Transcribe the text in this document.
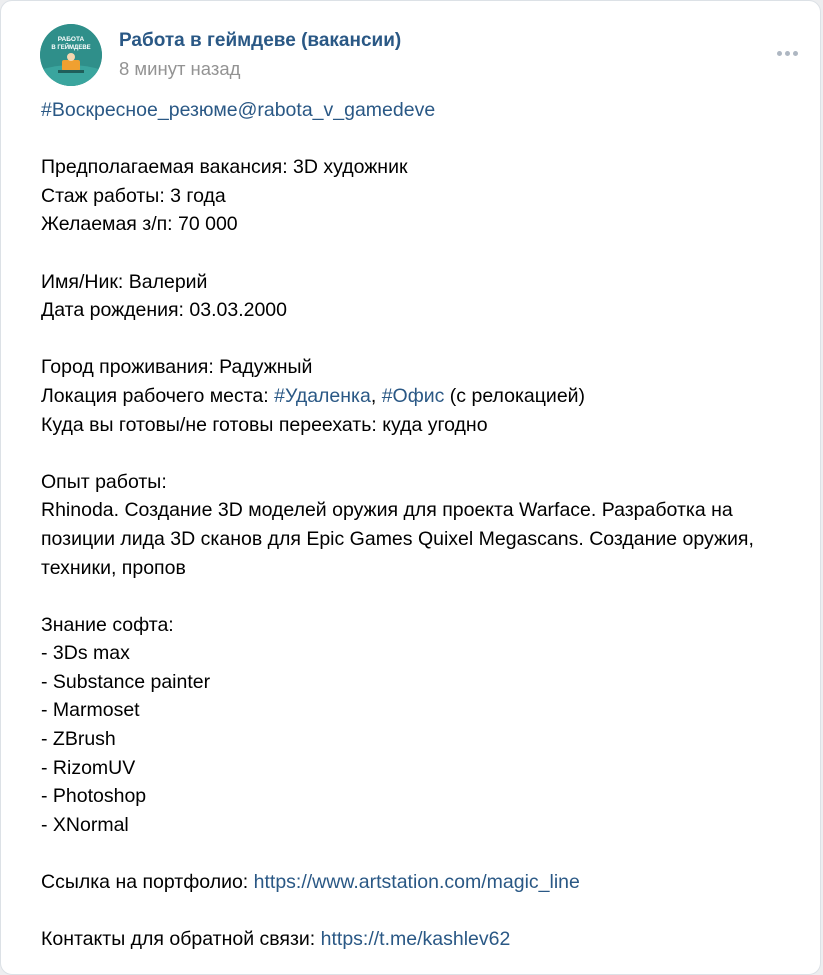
РАБОТА
В ГЕЙМДЕВЕ Работа в геймдеве (вакансии)
8 минут назад
#Воскресное_резюме@rabota_v_gamedeve
Предполагаемая вакансия: 3D художник
Стаж работы: 3 года
Желаемая з/п: 70 000
Имя/Ник: Валерий
Дата рождения: 03.03.2000
Город проживания: Радужный
Локация рабочего места: #Удаленка, #Офис (с релокацией)
Куда вы готовы/не готовы переехать: куда угодно
Опыт работы:
Rhinoda. Создание 3D моделей оружия для проекта Warface. Разработка на позиции лида 3D сканов для Epic Games Quixel Megascans. Создание оружия, техники, пропов
Знание софта:
- 3Ds max
- Substance painter
- Marmoset
- ZBrush
- RizomUV
- Photoshop
- XNormal
Ссылка на портфолио: https://www.artstation.com/magic_line
Контакты для обратной связи: https://t.me/kashlev62
